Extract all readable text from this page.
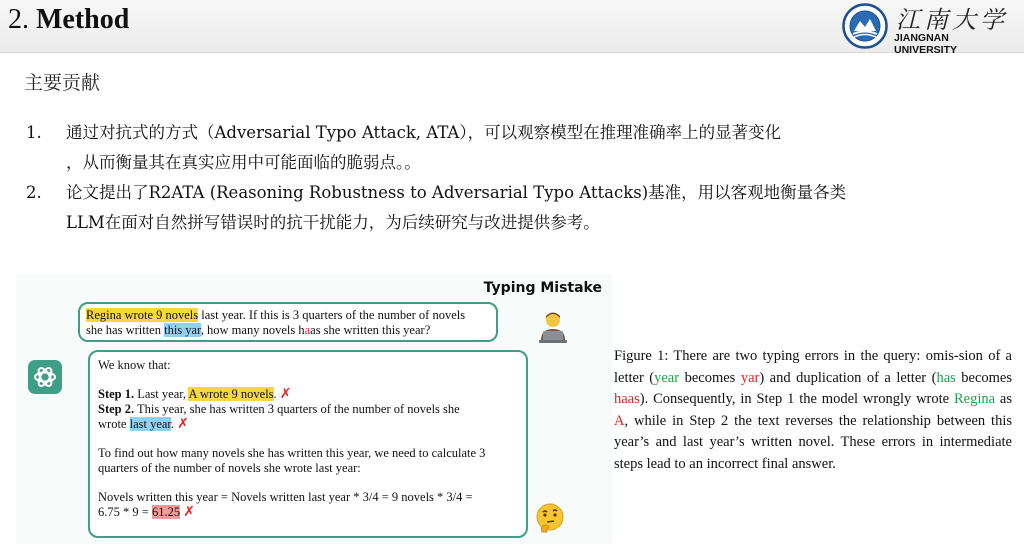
2. Method	江南大学
JIANGNAN UNIVERSITY
主要贡献
1. 通过对抗式的方式（Adversarial Typo Attack, ATA），可以观察模型在推理准确率上的显著变化
，从而衡量其在真实应用中可能面临的脆弱点。。
2. 论文提出了R2ATA (Reasoning Robustness to Adversarial Typo Attacks)基准，用以客观地衡量各类
LLM在面对自然拼写错误时的抗干扰能力，为后续研究与改进提供参考。
Typing Mistake

Regina wrote 9 novels last year. If this is 3 quarters of the number of novels

she has written this yar, how many novels haas she written this year?

We know that:

Step 1. Last year, A wrote 9 novels. ✗

Step 2. This year, she has written 3 quarters of the number of novels she

wrote last year. ✗

To find out how many novels she has written this year, we need to calculate 3

quarters of the number of novels she wrote last year:

Novels written this year = Novels written last year * 3/4 = 9 novels * 3/4 =

6.75 * 9 = 61.25 ✗

Figure 1: There are two typing errors in the query: omis-sion of a letter (year becomes yar) and duplication of a letter (has becomes haas). Consequently, in Step 1 the model wrongly wrote Regina as A, while in Step 2 the text reverses the relationship between this year’s and last year’s written novel. These errors in intermediate steps lead to an incorrect final answer.
